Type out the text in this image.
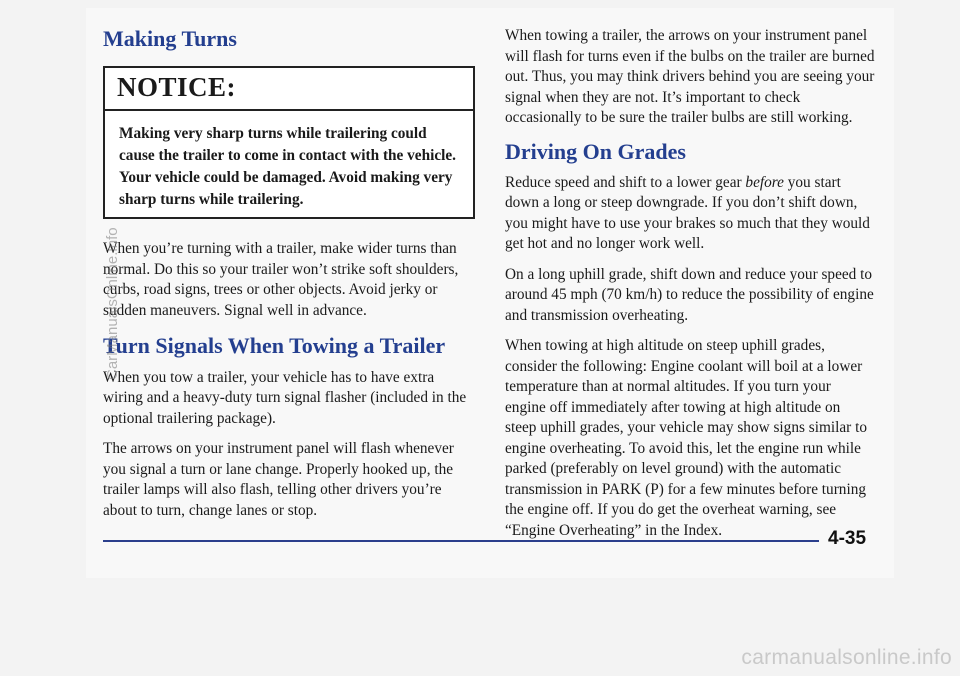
Making Turns
NOTICE:
Making very sharp turns while trailering could cause the trailer to come in contact with the vehicle. Your vehicle could be damaged. Avoid making very sharp turns while trailering.

When you’re turning with a trailer, make wider turns than normal. Do this so your trailer won’t strike soft shoulders, curbs, road signs, trees or other objects. Avoid jerky or sudden maneuvers. Signal well in advance.

Turn Signals When Towing a Trailer

When you tow a trailer, your vehicle has to have extra wiring and a heavy-duty turn signal flasher (included in the optional trailering package).

The arrows on your instrument panel will flash whenever you signal a turn or lane change. Properly hooked up, the trailer lamps will also flash, telling other drivers you’re about to turn, change lanes or stop.

When towing a trailer, the arrows on your instrument panel will flash for turns even if the bulbs on the trailer are burned out. Thus, you may think drivers behind you are seeing your signal when they are not. It’s important to check occasionally to be sure the trailer bulbs are still working.

Driving On Grades

Reduce speed and shift to a lower gear before you start down a long or steep downgrade. If you don’t shift down, you might have to use your brakes so much that they would get hot and no longer work well.

On a long uphill grade, shift down and reduce your speed to around 45 mph (70 km/h) to reduce the possibility of engine and transmission overheating.

When towing at high altitude on steep uphill grades, consider the following: Engine coolant will boil at a lower temperature than at normal altitudes. If you turn your engine off immediately after towing at high altitude on steep uphill grades, your vehicle may show signs similar to engine overheating. To avoid this, let the engine run while parked (preferably on level ground) with the automatic transmission in PARK (P) for a few minutes before turning the engine off. If you do get the overheat warning, see “Engine Overheating” in the Index.	4-35
CarManualsOnline.info
carmanualsonline.info
